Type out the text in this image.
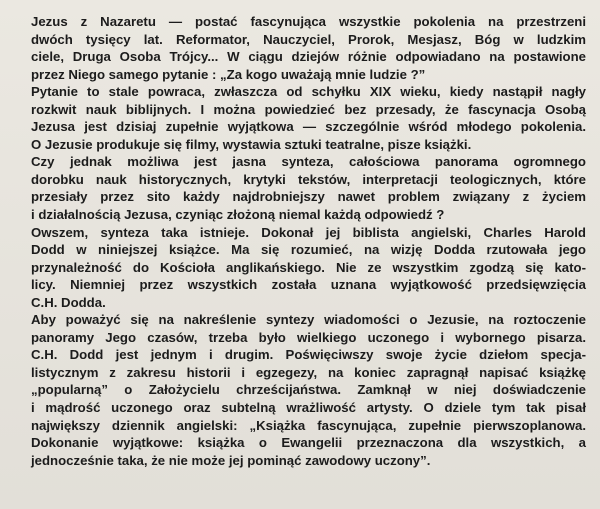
Jezus z Nazaretu — postać fascynująca wszystkie pokolenia na przestrzeni
dwóch tysięcy lat. Reformator, Nauczyciel, Prorok, Mesjasz, Bóg w ludzkim
ciele, Druga Osoba Trójcy... W ciągu dziejów różnie odpowiadano na postawione
przez Niego samego pytanie : „Za kogo uważają mnie ludzie ?”
Pytanie to stale powraca, zwłaszcza od schyłku XIX wieku, kiedy nastąpił nagły
rozkwit nauk biblijnych. I można powiedzieć bez przesady, że fascynacja Osobą
Jezusa jest dzisiaj zupełnie wyjątkowa — szczególnie wśród młodego pokolenia.
O Jezusie produkuje się filmy, wystawia sztuki teatralne, pisze książki.
Czy jednak możliwa jest jasna synteza, całościowa panorama ogromnego
dorobku nauk historycznych, krytyki tekstów, interpretacji teologicznych, które
przesiały przez sito każdy najdrobniejszy nawet problem związany z życiem
i działalnością Jezusa, czyniąc złożoną niemal każdą odpowiedź ?
Owszem, synteza taka istnieje. Dokonał jej biblista angielski, Charles Harold
Dodd w niniejszej książce. Ma się rozumieć, na wizję Dodda rzutowała jego
przynależność do Kościoła anglikańskiego. Nie ze wszystkim zgodzą się kato-
licy. Niemniej przez wszystkich została uznana wyjątkowość przedsięwzięcia
C.H. Dodda.
Aby poważyć się na nakreślenie syntezy wiadomości o Jezusie, na roztoczenie
panoramy Jego czasów, trzeba było wielkiego uczonego i wybornego pisarza.
C.H. Dodd jest jednym i drugim. Poświęciwszy swoje życie dziełom specja-
listycznym z zakresu historii i egzegezy, na koniec zapragnął napisać książkę
„popularną” o Założycielu chrześcijaństwa. Zamknął w niej doświadczenie
i mądrość uczonego oraz subtelną wrażliwość artysty. O dziele tym tak pisał
największy dziennik angielski: „Książka fascynująca, zupełnie pierwszoplanowa.
Dokonanie wyjątkowe: książka o Ewangelii przeznaczona dla wszystkich, a
jednocześnie taka, że nie może jej pominąć zawodowy uczony”.
